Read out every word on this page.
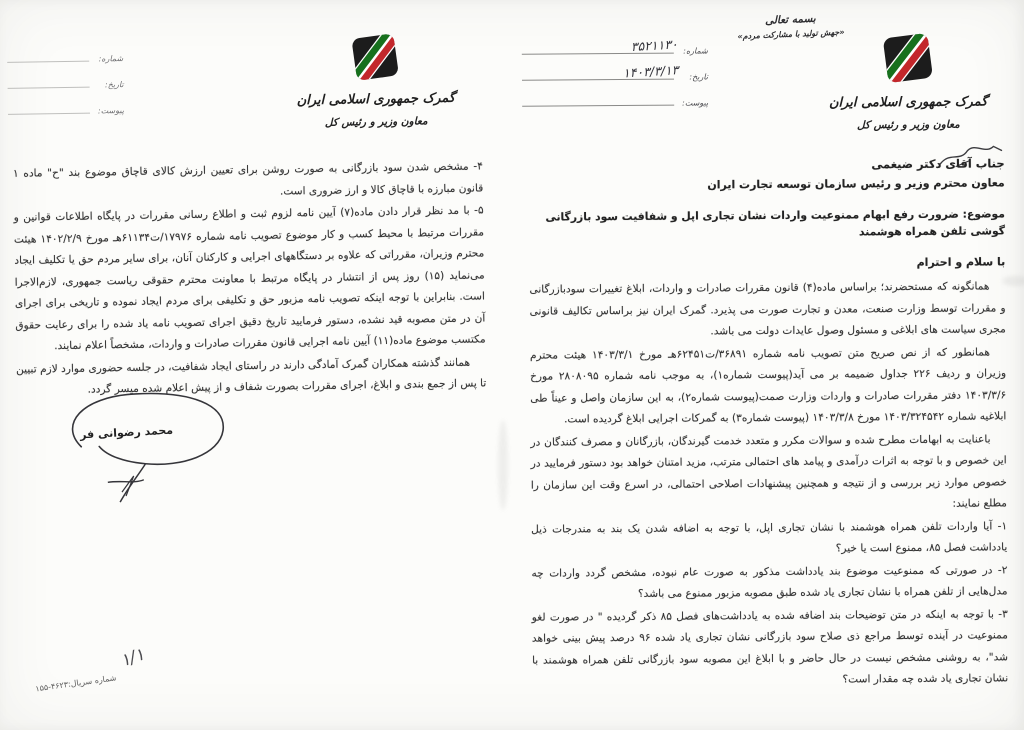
بسمه تعالی
«جهش تولید با مشارکت مردم»
شماره:
۳۵۲۱۱۳۰
تاریخ:
۱۴۰۳/۳/۱۳
پیوست:	گمرک جمهوری اسلامی ایران
معاون وزیر و رئیس کل
جناب آقای دکتر ضیغمی
معاون محترم وزیر و رئیس سازمان توسعه تجارت ایران
موضوع: ضرورت رفع ابهام ممنوعیت واردات نشان تجاری اپل و شفافیت سود بازرگانی گوشی تلفن همراه هوشمند
با سلام و احترام

همانگونه که مستحضرند؛ براساس ماده(۴) قانون مقررات صادرات و واردات، ابلاغ تغییرات سودبازرگانی و مقررات توسط وزارت صنعت، معدن و تجارت صورت می پذیرد. گمرک ایران نیز براساس تکالیف قانونی مجری سیاست های ابلاغی و مسئول وصول عایدات دولت می باشد.

همانطور که از نص صریح متن تصویب نامه شماره ۳۶۸۹۱/ت۶۲۴۵۱هـ مورخ ۱۴۰۳/۳/۱ هیئت محترم وزیران و ردیف ۲۲۶ جداول ضمیمه بر می آید(پیوست شماره۱)، به موجب نامه شماره ۲۸۰۸۰۹۵ مورخ ۱۴۰۳/۳/۶ دفتر مقررات صادرات و واردات وزارت صمت(پیوست شماره۲)، به این سازمان واصل و عیناً طی ابلاغیه شماره ۱۴۰۳/۳۲۴۵۴۲ مورخ ۱۴۰۳/۳/۸ (پیوست شماره۳) به گمرکات اجرایی ابلاغ گردیده است.

باعنایت به ابهامات مطرح شده و سوالات مکرر و متعدد خدمت گیرندگان، بازرگانان و مصرف کنندگان در این خصوص و با توجه به اثرات درآمدی و پیامد های احتمالی مترتب، مزید امتنان خواهد بود دستور فرمایید در خصوص موارد زیر بررسی و از نتیجه و همچنین پیشنهادات اصلاحی احتمالی، در اسرع وقت این سازمان را مطلع نمایند:

۱- آیا واردات تلفن همراه هوشمند با نشان تجاری اپل، با توجه به اضافه شدن یک بند به مندرجات ذیل یادداشت فصل ۸۵، ممنوع است یا خیر؟

۲- در صورتی که ممنوعیت موضوع بند یادداشت مذکور به صورت عام نبوده، مشخص گردد واردات چه مدل‌هایی از تلفن همراه با نشان تجاری یاد شده طبق مصوبه مزبور ممنوع می باشد؟

۳- با توجه به اینکه در متن توضیحات بند اضافه شده به یادداشت‌های فصل ۸۵ ذکر گردیده " در صورت لغو ممنوعیت در آینده توسط مراجع ذی صلاح سود بازرگانی نشان تجاری یاد شده ۹۶ درصد پیش بینی خواهد شد"، به روشنی مشخص نیست در حال حاضر و با ابلاغ این مصوبه سود بازرگانی تلفن همراه هوشمند با نشان تجاری یاد شده چه مقدار است؟

شماره:
تاریخ:
پیوست:
گمرک جمهوری اسلامی ایران
معاون وزیر و رئیس کل

۴- مشخص شدن سود بازرگانی به صورت روشن برای تعیین ارزش کالای قاچاق موضوع بند "ح" ماده ۱ قانون مبارزه با قاچاق کالا و ارز ضروری است.

۵- با مد نظر قرار دادن ماده(۷) آیین نامه لزوم ثبت و اطلاع رسانی مقررات در پایگاه اطلاعات قوانین و مقررات مرتبط با محیط کسب و کار موضوع تصویب نامه شماره ۱۷۹۷۶/ت۶۱۱۳۴هـ مورخ ۱۴۰۲/۲/۹ هیئت محترم وزیران، مقرراتی که علاوه بر دستگاههای اجرایی و کارکنان آنان، برای سایر مردم حق یا تکلیف ایجاد می‌نماید (۱۵) روز پس از انتشار در پایگاه مرتبط با معاونت محترم حقوقی ریاست جمهوری، لازم‌الاجرا است. بنابراین با توجه اینکه تصویب نامه مزبور حق و تکلیفی برای مردم ایجاد نموده و تاریخی برای اجرای آن در متن مصوبه قید نشده، دستور فرمایید تاریخ دقیق اجرای تصویب نامه یاد شده را برای رعایت حقوق مکتسب موضوع ماده(۱۱) آیین نامه اجرایی قانون مقررات صادرات و واردات، مشخصاً اعلام نمایند.

همانند گذشته همکاران گمرک آمادگی دارند در راستای ایجاد شفافیت، در جلسه حضوری موارد لازم تبیین تا پس از جمع بندی و ابلاغ، اجرای مقررات بصورت شفاف و از پیش اعلام شده میسر گردد.

محمد رضوانی فر
شماره سریال:۴۶۲۳-۱۵۵
۱/۱
